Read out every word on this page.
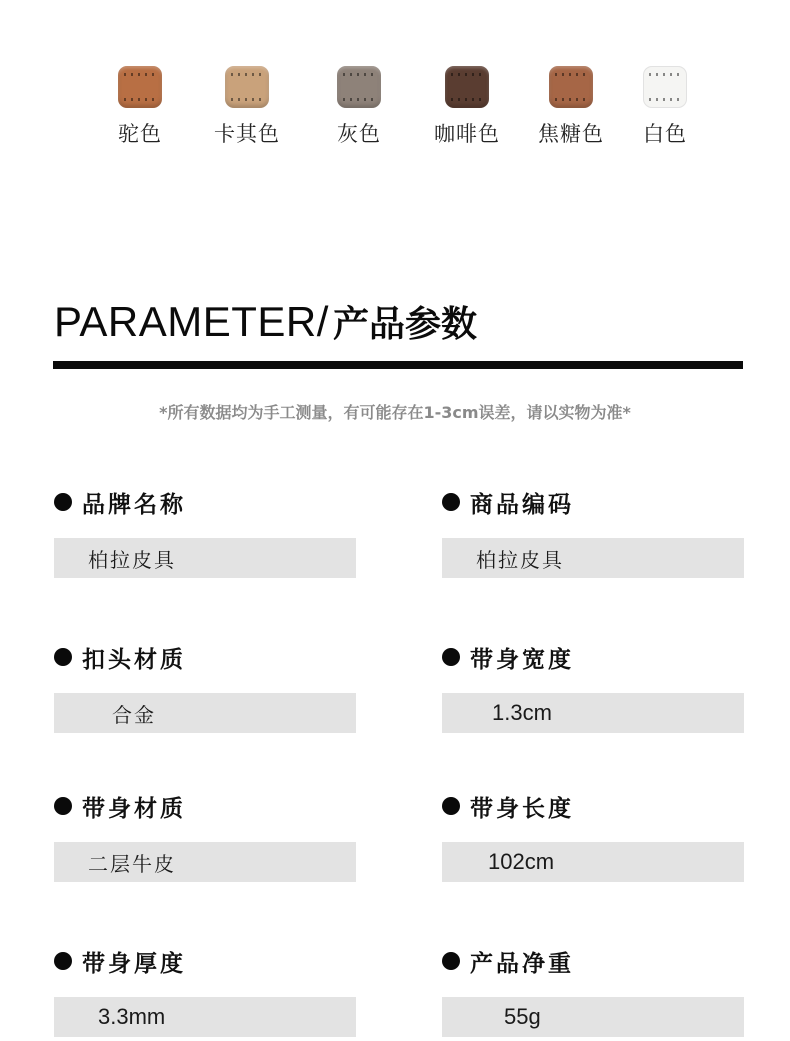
驼色	卡其色	灰色	咖啡色	焦糖色	白色
PARAMETER/ 产品参数
*所有数据均为手工测量，有可能存在1-3cm误差，请以实物为准*
品牌名称
柏拉皮具
商品编码
柏拉皮具
扣头材质
合金
带身宽度
1.3cm
带身材质
二层牛皮
带身长度
102cm
带身厚度
3.3mm
产品净重
55g
